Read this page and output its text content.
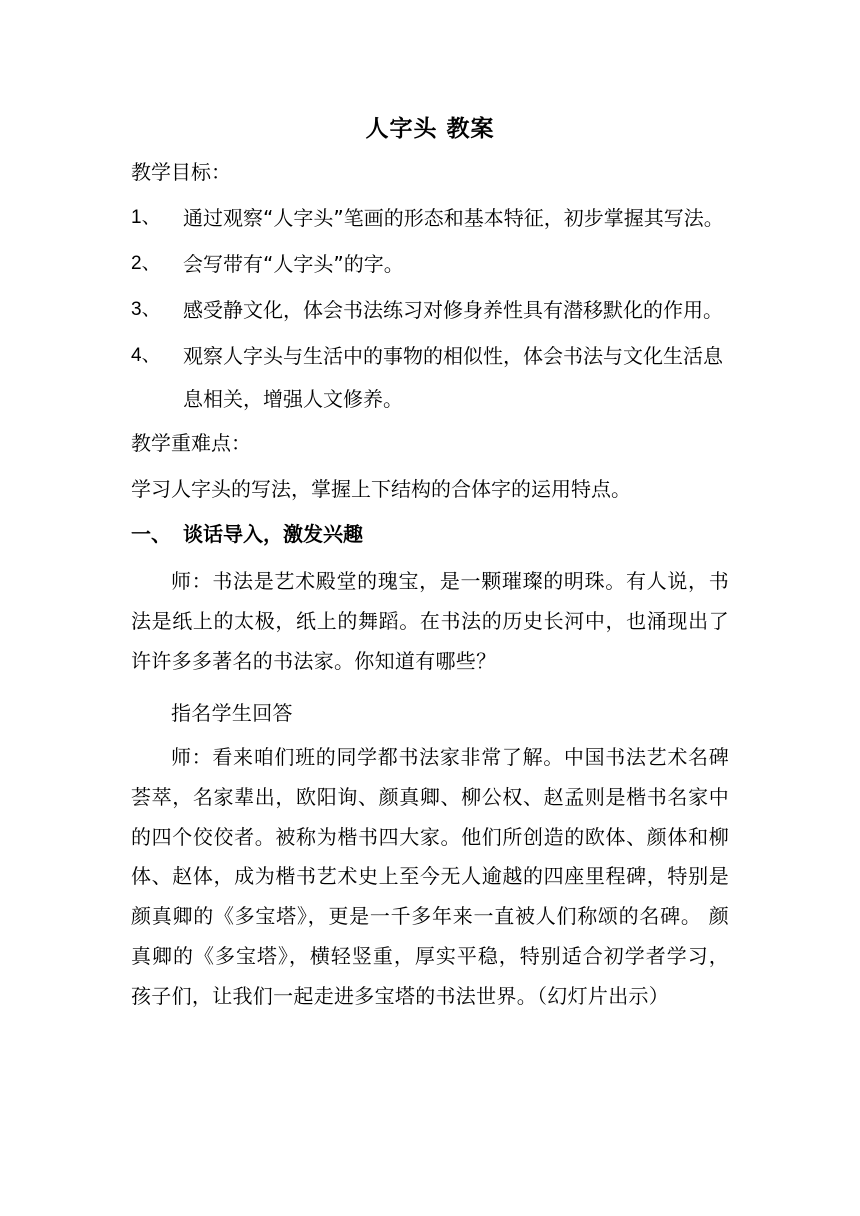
人字头 教案
教学目标：
1、 通过观察“人字头”笔画的形态和基本特征，初步掌握其写法。
2、 会写带有“人字头”的字。
3、 感受静文化，体会书法练习对修身养性具有潜移默化的作用。
4、 观察人字头与生活中的事物的相似性，体会书法与文化生活息
息相关，增强人文修养。
教学重难点：
学习人字头的写法，掌握上下结构的合体字的运用特点。
一、 谈话导入，激发兴趣
师：书法是艺术殿堂的瑰宝，是一颗璀璨的明珠。有人说，书法是纸上的太极，纸上的舞蹈。在书法的历史长河中，也涌现出了许许多多著名的书法家。你知道有哪些？
指名学生回答
师：看来咱们班的同学都书法家非常了解。中国书法艺术名碑荟萃，名家辈出，欧阳询、颜真卿、柳公权、赵孟则是楷书名家中的四个佼佼者。被称为楷书四大家。他们所创造的欧体、颜体和柳体、赵体，成为楷书艺术史上至今无人逾越的四座里程碑，特别是颜真卿的《多宝塔》，更是一千多年来一直被人们称颂的名碑。 颜真卿的《多宝塔》，横轻竖重，厚实平稳，特别适合初学者学习，孩子们，让我们一起走进多宝塔的书法世界。（幻灯片出示）
